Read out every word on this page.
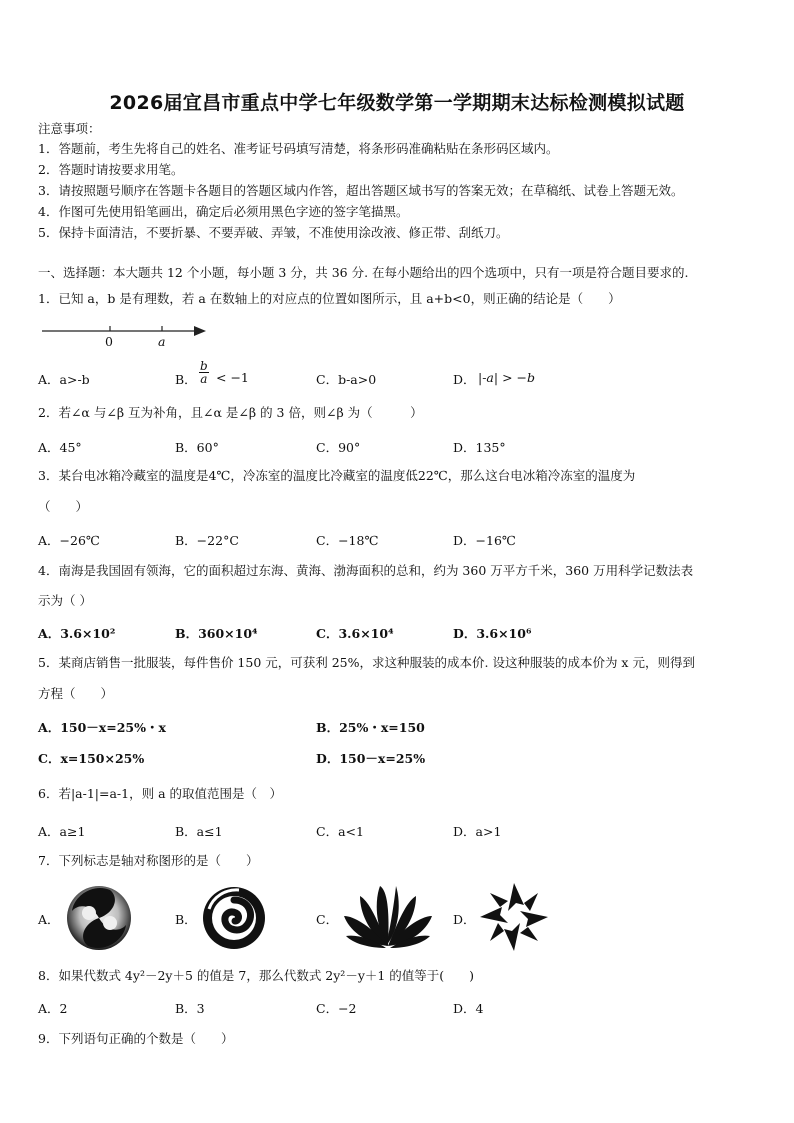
2026届宜昌市重点中学七年级数学第一学期期末达标检测模拟试题
注意事项：
1．答题前，考生先将自己的姓名、准考证号码填写清楚，将条形码准确粘贴在条形码区域内。
2．答题时请按要求用笔。
3．请按照题号顺序在答题卡各题目的答题区域内作答，超出答题区域书写的答案无效；在草稿纸、试卷上答题无效。
4．作图可先使用铅笔画出，确定后必须用黑色字迹的签字笔描黑。
5．保持卡面清洁，不要折暴、不要弄破、弄皱，不准使用涂改液、修正带、刮纸刀。
一、选择题：本大题共 12 个小题，每小题 3 分，共 36 分. 在每小题给出的四个选项中，只有一项是符合题目要求的.
1．已知 a，b 是有理数，若 a 在数轴上的对应点的位置如图所示，且 a+b<0，则正确的结论是（　　）
0	a
A．a>-b	B． $\frac{b}{a} < -1$	C．b-a>0	D． |-a| > −b
2．若∠α 与∠β 互为补角，且∠α 是∠β 的 3 倍，则∠β 为（　　　）
A．45°	B．60°	C．90°	D．135°
3．某台电冰箱冷藏室的温度是4℃，冷冻室的温度比冷藏室的温度低22℃，那么这台电冰箱冷冻室的温度为
（　　）
A．−26℃	B．−22°C	C．−18℃	D．−16℃
4．南海是我国固有领海，它的面积超过东海、黄海、渤海面积的总和，约为 360 万平方千米，360 万用科学记数法表
示为（ ）
A．3.6×10²	B．360×10⁴	C．3.6×10⁴	D．3.6×10⁶
5．某商店销售一批服装，每件售价 150 元，可获利 25%，求这种服装的成本价. 设这种服装的成本价为 x 元，则得到
方程（　　）
A．150－x=25%・x	B．25%・x=150
C．x=150×25%	D．150－x=25%
6．若|a-1|=a-1，则 a 的取值范围是（　）
A．a≥1	B．a≤1	C．a<1	D．a>1
7．下列标志是轴对称图形的是（　　）
A．	B．	C．	D．
8．如果代数式 4y²－2y＋5 的值是 7，那么代数式 2y²－y＋1 的值等于(　　)
A．2	B．3	C．−2	D．4
9．下列语句正确的个数是（　　）
